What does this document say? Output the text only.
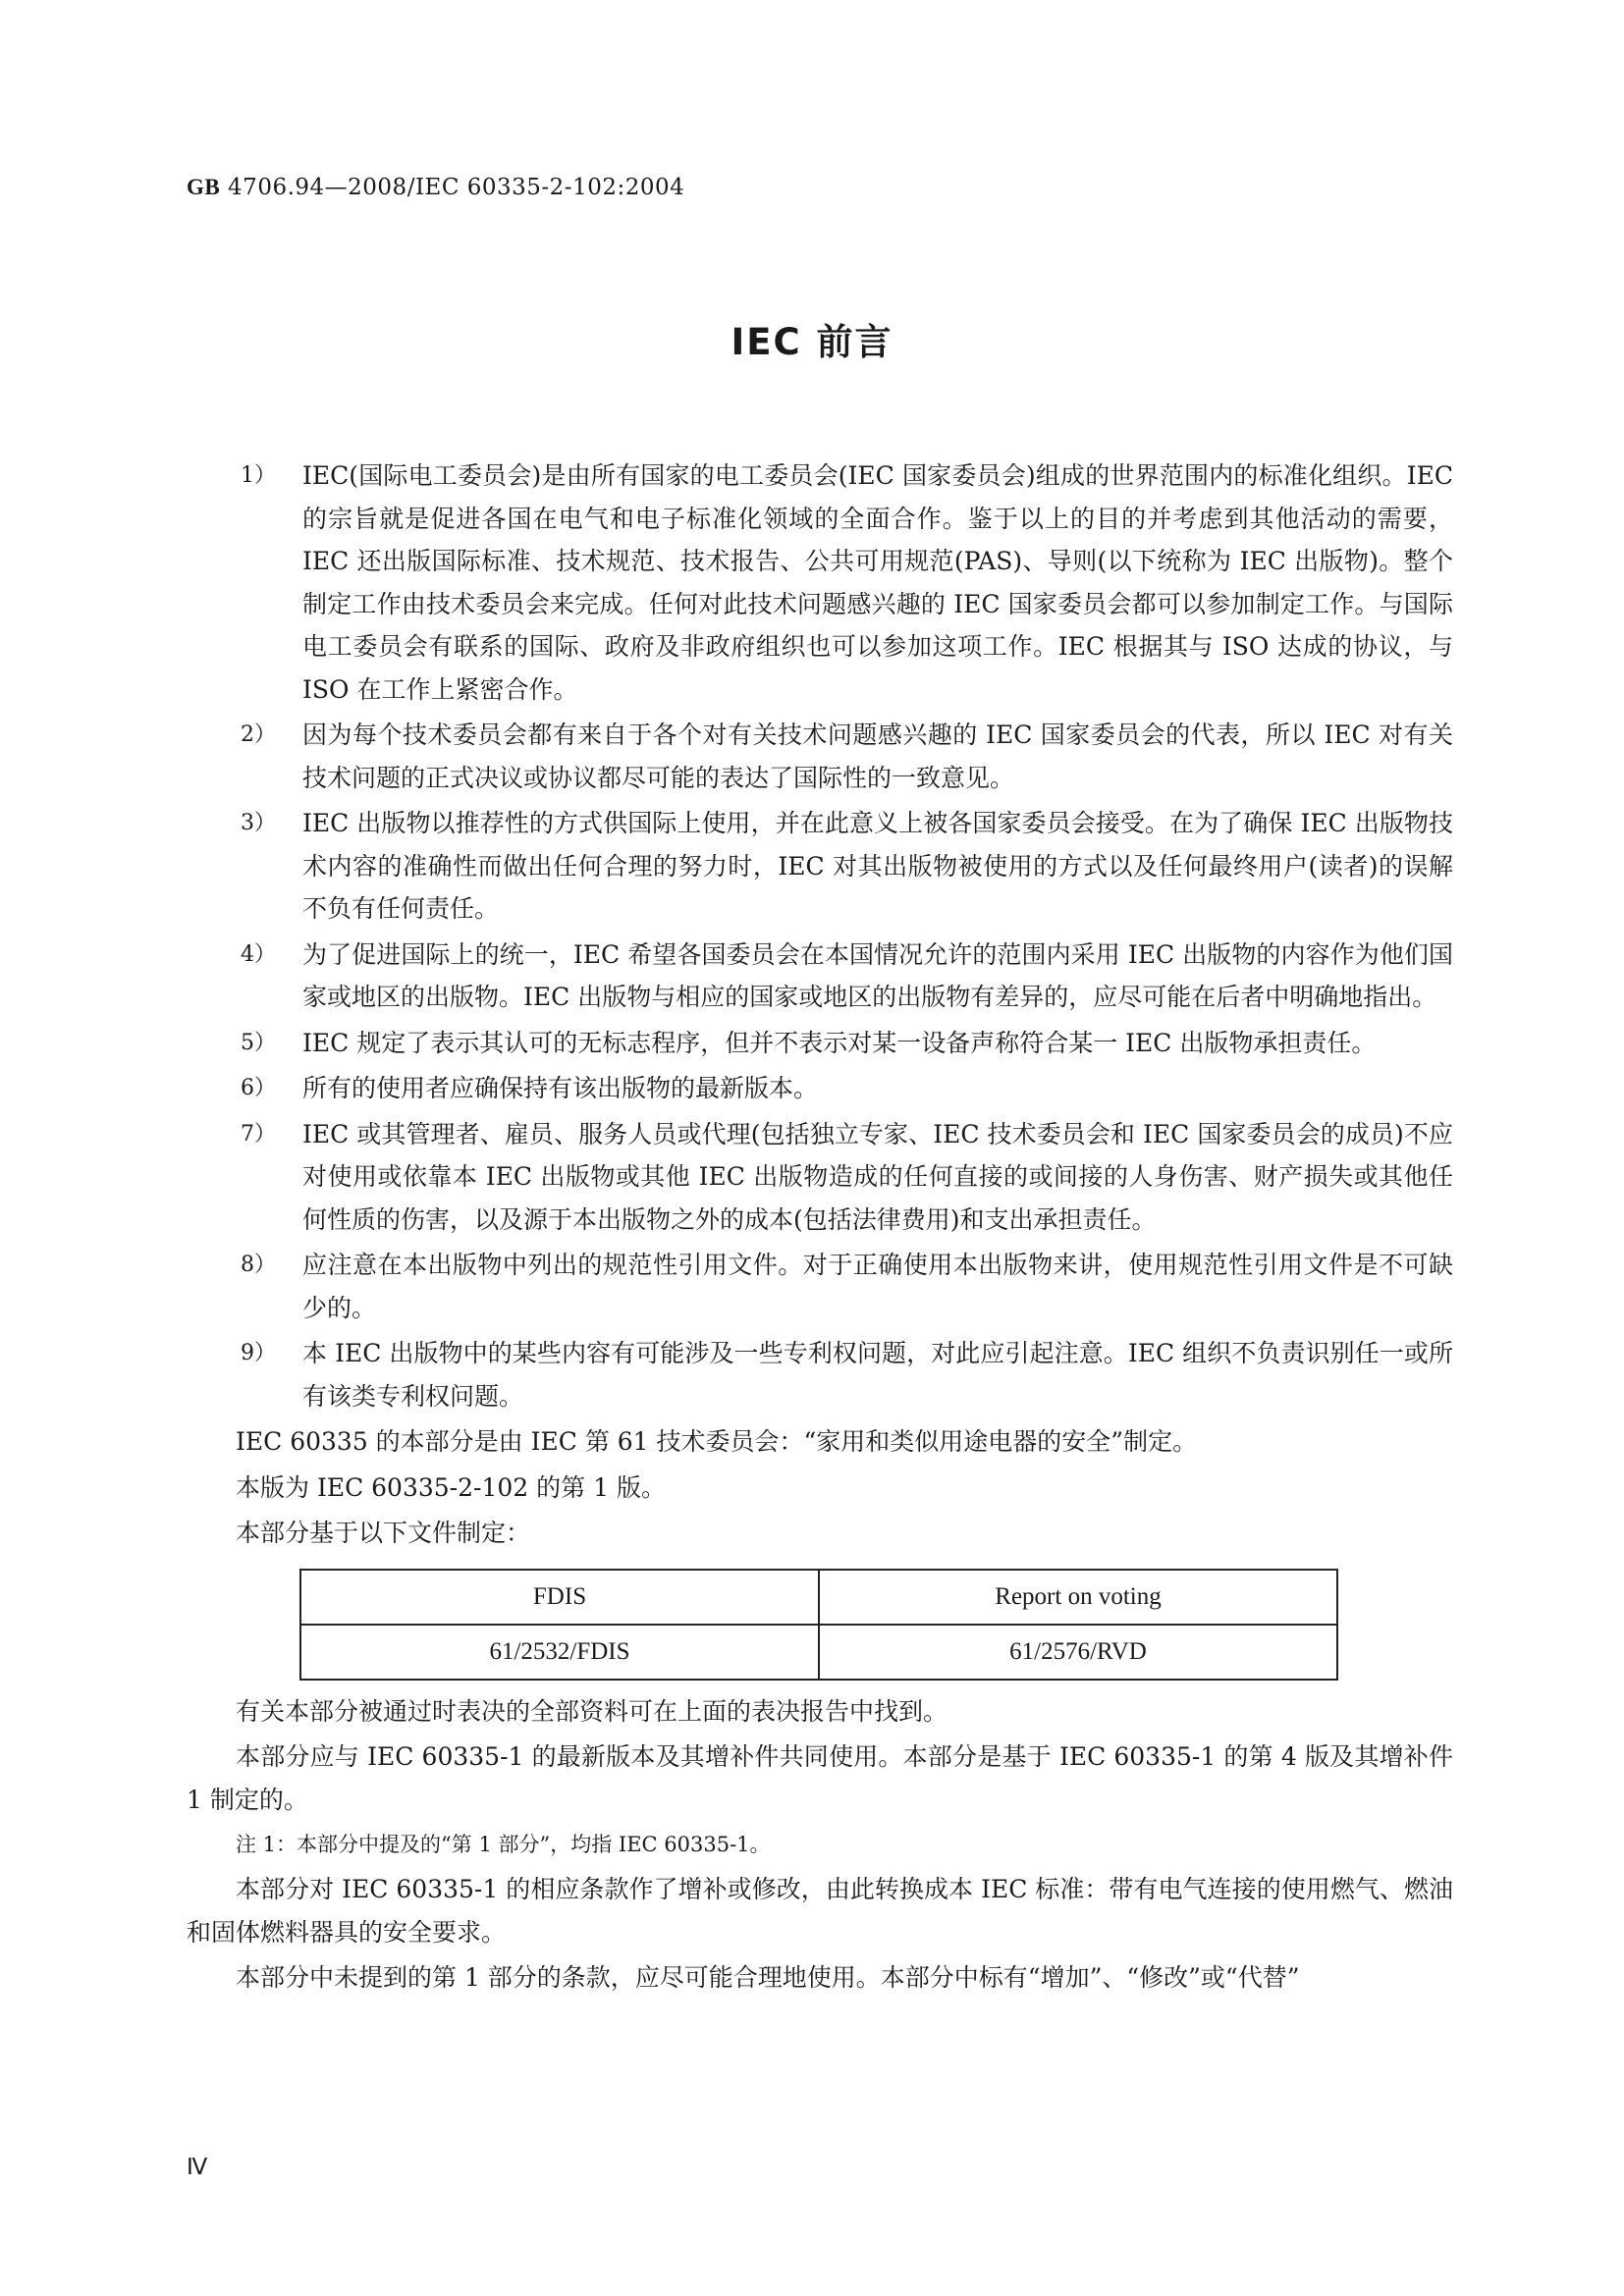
GB 4706.94—2008/IEC 60335-2-102:2004
IEC 前言
1） IEC(国际电工委员会)是由所有国家的电工委员会(IEC 国家委员会)组成的世界范围内的标准化组织。IEC 的宗旨就是促进各国在电气和电子标准化领域的全面合作。鉴于以上的目的并考虑到其他活动的需要，IEC 还出版国际标准、技术规范、技术报告、公共可用规范(PAS)、导则(以下统称为 IEC 出版物)。整个制定工作由技术委员会来完成。任何对此技术问题感兴趣的 IEC 国家委员会都可以参加制定工作。与国际电工委员会有联系的国际、政府及非政府组织也可以参加这项工作。IEC 根据其与 ISO 达成的协议，与 ISO 在工作上紧密合作。
2） 因为每个技术委员会都有来自于各个对有关技术问题感兴趣的 IEC 国家委员会的代表，所以 IEC 对有关技术问题的正式决议或协议都尽可能的表达了国际性的一致意见。
3） IEC 出版物以推荐性的方式供国际上使用，并在此意义上被各国家委员会接受。在为了确保 IEC 出版物技术内容的准确性而做出任何合理的努力时，IEC 对其出版物被使用的方式以及任何最终用户(读者)的误解不负有任何责任。
4） 为了促进国际上的统一，IEC 希望各国委员会在本国情况允许的范围内采用 IEC 出版物的内容作为他们国家或地区的出版物。IEC 出版物与相应的国家或地区的出版物有差异的，应尽可能在后者中明确地指出。
5） IEC 规定了表示其认可的无标志程序，但并不表示对某一设备声称符合某一 IEC 出版物承担责任。
6） 所有的使用者应确保持有该出版物的最新版本。
7） IEC 或其管理者、雇员、服务人员或代理(包括独立专家、IEC 技术委员会和 IEC 国家委员会的成员)不应对使用或依靠本 IEC 出版物或其他 IEC 出版物造成的任何直接的或间接的人身伤害、财产损失或其他任何性质的伤害，以及源于本出版物之外的成本(包括法律费用)和支出承担责任。
8） 应注意在本出版物中列出的规范性引用文件。对于正确使用本出版物来讲，使用规范性引用文件是不可缺少的。
9） 本 IEC 出版物中的某些内容有可能涉及一些专利权问题，对此应引起注意。IEC 组织不负责识别任一或所有该类专利权问题。
IEC 60335 的本部分是由 IEC 第 61 技术委员会：“家用和类似用途电器的安全”制定。
本版为 IEC 60335-2-102 的第 1 版。
本部分基于以下文件制定：
FDIS	Report on voting
61/2532/FDIS	61/2576/RVD
有关本部分被通过时表决的全部资料可在上面的表决报告中找到。
本部分应与 IEC 60335-1 的最新版本及其增补件共同使用。本部分是基于 IEC 60335-1 的第 4 版及其增补件 1 制定的。
注 1：本部分中提及的“第 1 部分”，均指 IEC 60335-1。
本部分对 IEC 60335-1 的相应条款作了增补或修改，由此转换成本 IEC 标准：带有电气连接的使用燃气、燃油和固体燃料器具的安全要求。
本部分中未提到的第 1 部分的条款，应尽可能合理地使用。本部分中标有“增加”、“修改”或“代替”
Ⅳ
